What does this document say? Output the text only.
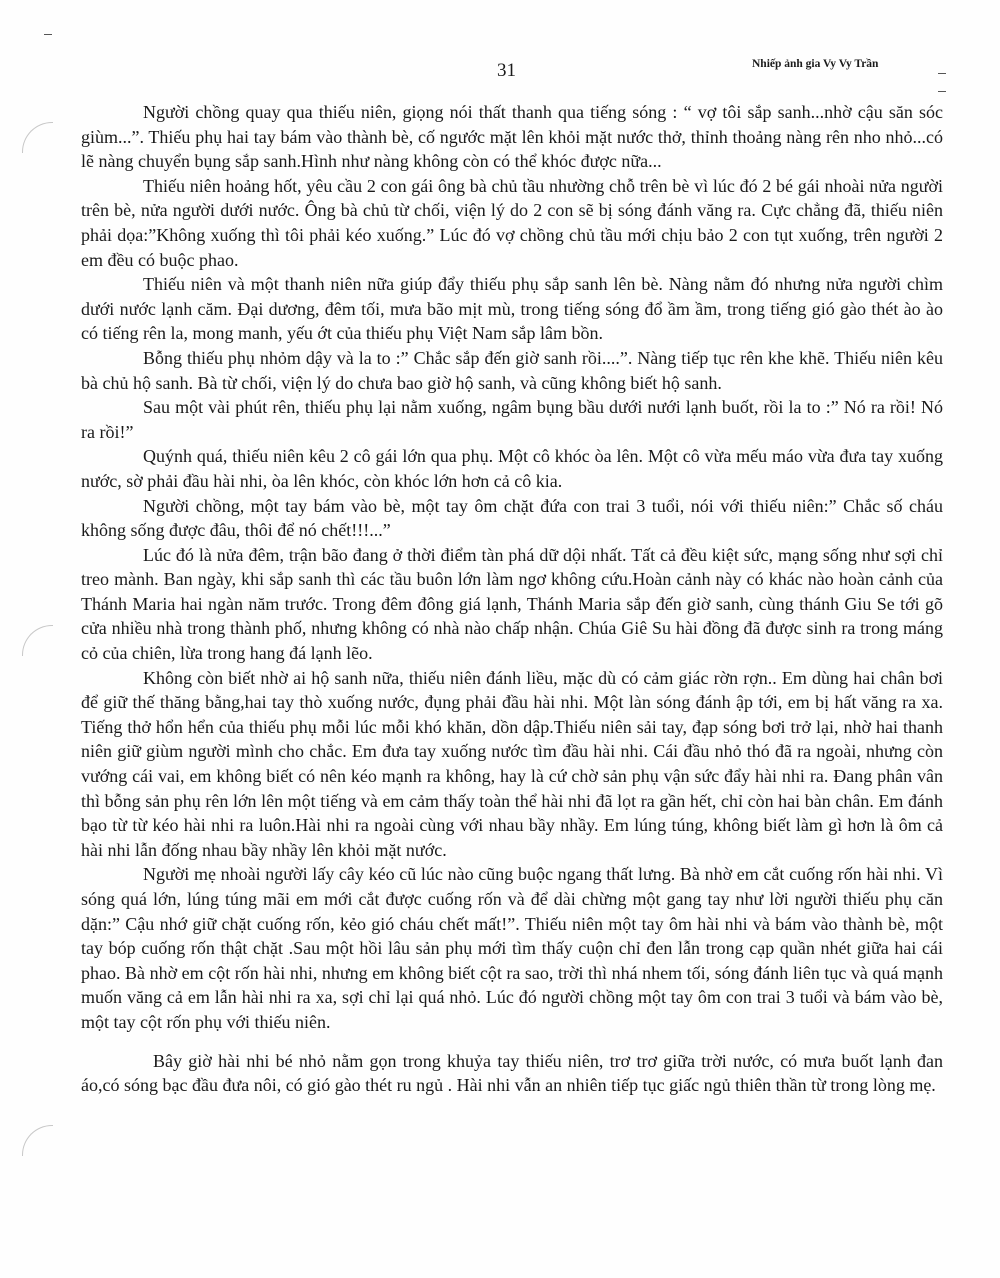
31	Nhiếp ảnh gia Vy Vy Trần

Người chồng quay qua thiếu niên, giọng nói thất thanh qua tiếng sóng : “ vợ tôi sắp sanh...nhờ cậu săn sóc giùm...”. Thiếu phụ hai tay bám vào thành bè, cố ngước mặt lên khỏi mặt nước thở, thỉnh thoảng nàng rên nho nhỏ...có lẽ nàng chuyển bụng sắp sanh.Hình như nàng không còn có thể khóc được nữa...

Thiếu niên hoảng hốt, yêu cầu 2 con gái ông bà chủ tầu nhường chỗ trên bè vì lúc đó 2 bé gái nhoài nửa người trên bè, nửa người dưới nước. Ông bà chủ từ chối, viện lý do 2 con sẽ bị sóng đánh văng ra. Cực chẳng đã, thiếu niên phải dọa:”Không xuống thì tôi phải kéo xuống.” Lúc đó vợ chồng chủ tầu mới chịu bảo 2 con tụt xuống, trên người 2 em đều có buộc phao.

Thiếu niên và một thanh niên nữa giúp đẩy thiếu phụ sắp sanh lên bè. Nàng nằm đó nhưng nửa người chìm dưới nước lạnh căm. Đại dương, đêm tối, mưa bão mịt mù, trong tiếng sóng đổ ầm ầm, trong tiếng gió gào thét ào ào có tiếng rên la, mong manh, yếu ớt của thiếu phụ Việt Nam sắp lâm bồn.

Bỗng thiếu phụ nhỏm dậy và la to :” Chắc sắp đến giờ sanh rồi....”. Nàng tiếp tục rên khe khẽ. Thiếu niên kêu bà chủ hộ sanh. Bà từ chối, viện lý do chưa bao giờ hộ sanh, và cũng không biết hộ sanh.

Sau một vài phút rên, thiếu phụ lại nằm xuống, ngâm bụng bầu dưới nưới lạnh buốt, rồi la to :” Nó ra rồi! Nó ra rồi!”

Quýnh quá, thiếu niên kêu 2 cô gái lớn qua phụ. Một cô khóc òa lên. Một cô vừa mếu máo vừa đưa tay xuống nước, sờ phải đầu hài nhi, òa lên khóc, còn khóc lớn hơn cả cô kia.

Người chồng, một tay bám vào bè, một tay ôm chặt đứa con trai 3 tuổi, nói với thiếu niên:” Chắc số cháu không sống được đâu, thôi để nó chết!!!...”

Lúc đó là nửa đêm, trận bão đang ở thời điểm tàn phá dữ dội nhất. Tất cả đều kiệt sức, mạng sống như sợi chỉ treo mành. Ban ngày, khi sắp sanh thì các tầu buôn lớn làm ngơ không cứu.Hoàn cảnh này có khác nào hoàn cảnh của Thánh Maria hai ngàn năm trước. Trong đêm đông giá lạnh, Thánh Maria sắp đến giờ sanh, cùng thánh Giu Se tới gõ cửa nhiều nhà trong thành phố, nhưng không có nhà nào chấp nhận. Chúa Giê Su hài đồng đã được sinh ra trong máng cỏ của chiên, lừa trong hang đá lạnh lẽo.

Không còn biết nhờ ai hộ sanh nữa, thiếu niên đánh liều, mặc dù có cảm giác rờn rợn.. Em dùng hai chân bơi để giữ thế thăng bằng,hai tay thò xuống nước, đụng phải đầu hài nhi. Một làn sóng đánh ập tới, em bị hất văng ra xa. Tiếng thở hổn hển của thiếu phụ mỗi lúc mỗi khó khăn, dồn dập.Thiếu niên sải tay, đạp sóng bơi trở lại, nhờ hai thanh niên giữ giùm người mình cho chắc. Em đưa tay xuống nước tìm đầu hài nhi. Cái đầu nhỏ thó đã ra ngoài, nhưng còn vướng cái vai, em không biết có nên kéo mạnh ra không, hay là cứ chờ sản phụ vận sức đẩy hài nhi ra. Đang phân vân thì bỗng sản phụ rên lớn lên một tiếng và em cảm thấy toàn thể hài nhi đã lọt ra gần hết, chỉ còn hai bàn chân. Em đánh bạo từ từ kéo hài nhi ra luôn.Hài nhi ra ngoài cùng với nhau bầy nhầy. Em lúng túng, không biết làm gì hơn là ôm cả hài nhi lẫn đống nhau bầy nhầy lên khỏi mặt nước.

Người mẹ nhoài người lấy cây kéo cũ lúc nào cũng buộc ngang thất lưng. Bà nhờ em cắt cuống rốn hài nhi. Vì sóng quá lớn, lúng túng mãi em mới cắt được cuống rốn và để dài chừng một gang tay như lời người thiếu phụ căn dặn:” Cậu nhớ giữ chặt cuống rốn, kẻo gió cháu chết mất!”. Thiếu niên một tay ôm hài nhi và bám vào thành bè, một tay bóp cuống rốn thật chặt .Sau một hồi lâu sản phụ mới tìm thấy cuộn chỉ đen lẫn trong cạp quần nhét giữa hai cái phao. Bà nhờ em cột rốn hài nhi, nhưng em không biết cột ra sao, trời thì nhá nhem tối, sóng đánh liên tục và quá mạnh muốn văng cả em lẫn hài nhi ra xa, sợi chỉ lại quá nhỏ. Lúc đó người chồng một tay ôm con trai 3 tuổi và bám vào bè, một tay cột rốn phụ với thiếu niên.

Bây giờ hài nhi bé nhỏ nằm gọn trong khuỷa tay thiếu niên, trơ trơ giữa trời nước, có mưa buốt lạnh đan áo,có sóng bạc đầu đưa nôi, có gió gào thét ru ngủ . Hài nhi vẫn an nhiên tiếp tục giấc ngủ thiên thần từ trong lòng mẹ.
